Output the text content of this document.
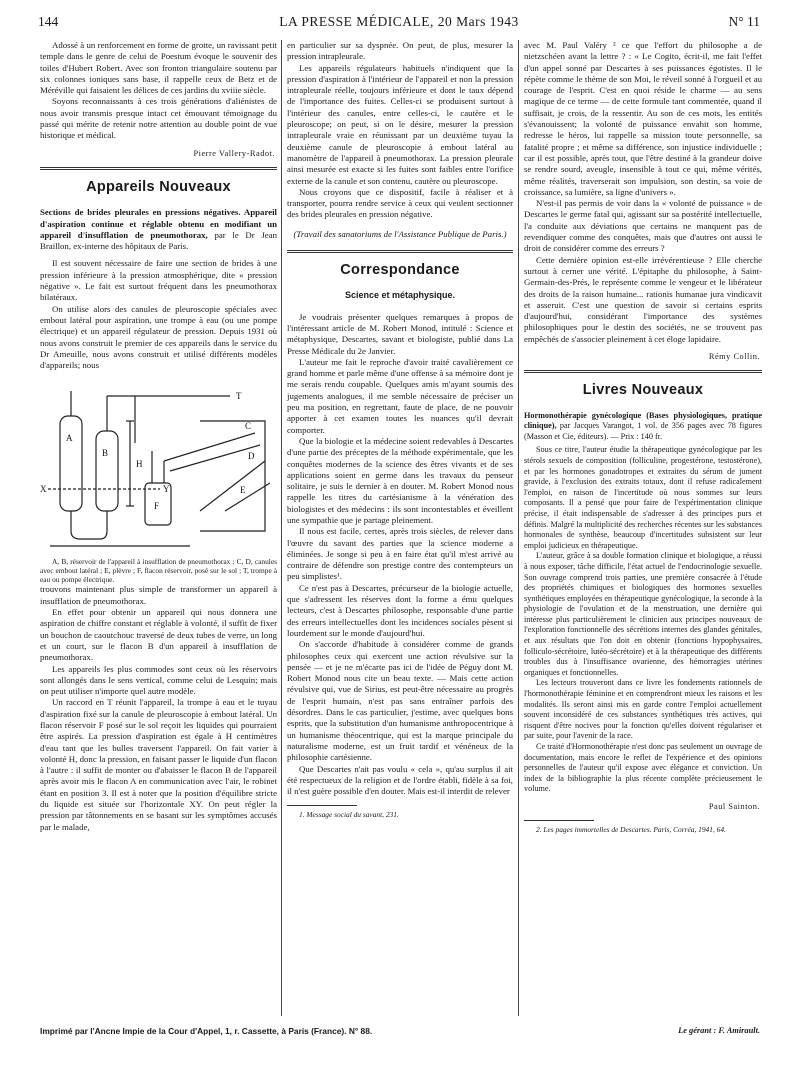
144	LA PRESSE MÉDICALE, 20 Mars 1943	N° 11

Adossé à un renforcement en forme de grotte, un ravissant petit temple dans le genre de celui de Poestum évoque le souvenir des toiles d'Hubert Robert. Avec son fronton triangulaire soutenu par six colonnes ioniques sans base, il rappelle ceux de Betz et de Méréville qui faisaient les délices de ces jardins du xviiie siècle.

Soyons reconnaissants à ces trois générations d'aliénistes de nous avoir transmis presque intact cet émouvant témoignage du passé qui mérite de retenir notre attention au double point de vue historique et médical.

Pierre Vallery-Radot.
Appareils Nouveaux

Sections de brides pleurales en pressions négatives. Appareil d'aspiration continue et réglable obtenu en modifiant un appareil d'insufflation de pneumothorax, par le Dr Jean Braillon, ex-interne des hôpitaux de Paris.

Il est souvent nécessaire de faire une section de brides à une pression inférieure à la pression atmosphérique, dite « pression négative ». Le fait est surtout fréquent dans les pneumothorax bilatéraux.

On utilise alors des canules de pleuroscopie spéciales avec embout latéral pour aspiration, une trompe à eau (ou une pompe électrique) et un appareil régulateur de pression. Depuis 1931 où nous avons construit le premier de ces appareils dans le service du Dr Ameuille, nous avons construit et utilisé différents modèles d'appareils; nous

A
B
C
D
E
F
H
T
X	Y

A, B, réservoir de l'appareil à insufflation de pneumothorax ; C, D, canules avec embout latéral ; E, plèvre ; F, flacon réservoir, posé sur le sol ; T, trompe à eau ou pompe électrique.

trouvons maintenant plus simple de transformer un appareil à insufflation de pneumothorax.

En effet pour obtenir un appareil qui nous donnera une aspiration de chiffre constant et réglable à volonté, il suffit de fixer un bouchon de caoutchouc traversé de deux tubes de verre, un long et un court, sur le flacon B d'un appareil à insufflation de pneumothorax.

Les appareils les plus commodes sont ceux où les réservoirs sont allongés dans le sens vertical, comme celui de Lesquin; mais on peut utiliser n'importe quel autre modèle.

Un raccord en T réunit l'appareil, la trompe à eau et le tuyau d'aspiration fixé sur la canule de pleuroscopie à embout latéral. Un flacon réservoir F posé sur le sol reçoit les liquides qui pourraient être aspirés. La pression d'aspiration est égale à H centimètres d'eau tant que les bulles traversent l'appareil. On fait varier à volonté H, donc la pression, en faisant passer le liquide d'un flacon à l'autre : il suffit de monter ou d'abaisser le flacon B de l'appareil après avoir mis le flacon A en communication avec l'air, le robinet étant en position 3. Il est à noter que la position d'équilibre stricte du liquide est située sur l'horizontale XY. On peut régler la pression par tâtonnements en se basant sur les symptômes accusés par le malade,

en particulier sur sa dyspnée. On peut, de plus, mesurer la pression intrapleurale.

Les appareils régulateurs habituels n'indiquent que la pression d'aspiration à l'intérieur de l'appareil et non la pression intrapleurale réelle, toujours inférieure et dont le taux dépend de l'importance des fuites. Celles-ci se produisent surtout à l'intérieur des canules, entre celles-ci, le cautère et le pleuroscope; on peut, si on le désire, mesurer la pression intrapleurale vraie en réunissant par un deuxième tuyau la deuxième canule de pleuroscopie à embout latéral au manomètre de l'appareil à pneumothorax. La pression pleurale ainsi mesurée est exacte si les fuites sont faibles entre l'orifice externe de la canule et son contenu, cautère ou pleuroscope.

Nous croyons que ce dispositif, facile à réaliser et à transporter, pourra rendre service à ceux qui veulent sectionner des brides pleurales en pression négative.

(Travail des sanatoriums de l'Assistance Publique de Paris.)

Correspondance
Science et métaphysique.

Je voudrais présenter quelques remarques à propos de l'intéressant article de M. Robert Monod, intitulé : Science et métaphysique, Descartes, savant et biologiste, publié dans La Presse Médicale du 2e Janvier.

L'auteur me fait le reproche d'avoir traité cavalièrement ce grand homme et parle même d'une offense à sa mémoire dont je me serais rendu coupable. Quelques amis m'ayant soumis des jugements analogues, il me semble nécessaire de préciser un peu ma position, en regrettant, faute de place, de ne pouvoir apporter à cet examen toutes les nuances qu'il devrait comporter.

Que la biologie et la médecine soient redevables à Descartes d'une partie des préceptes de la méthode expérimentale, que les conquêtes modernes de la science des êtres vivants et de ses applications soient en germe dans les travaux du penseur solitaire, je suis le dernier à en douter. M. Robert Monod nous rappelle les titres du cartésianisme à la vénération des biologistes et des médecins : ils sont incontestables et éveillent une sympathie que je partage pleinement.

Il nous est facile, certes, après trois siècles, de relever dans l'œuvre du savant des parties que la science moderne a éliminées. Je songe si peu à en faire état qu'il m'est arrivé au contraire de défendre son prestige contre des contempteurs un peu simplistes¹.

Ce n'est pas à Descartes, précurseur de la biologie actuelle, que s'adressent les réserves dont la forme a ému quelques lecteurs, c'est à Descartes philosophe, responsable d'une partie des erreurs intellectuelles dont les incidences sociales pèsent si lourdement sur le monde d'aujourd'hui.

On s'accorde d'habitude à considérer comme de grands philosophes ceux qui exercent une action révulsive sur la pensée — et je ne m'écarte pas ici de l'idée de Péguy dont M. Robert Monod nous cite un beau texte. — Mais cette action révulsive qui, vue de Sirius, est peut-être nécessaire au progrès de l'esprit humain, n'est pas sans entraîner parfois des désordres. Dans le cas particulier, j'estime, avec quelques bons esprits, que la substitution d'un humanisme anthropocentrique à un humanisme théocentrique, qui est la marque principale du naturalisme moderne, est un fruit tardif et vénéneux de la philosophie cartésienne.

Que Descartes n'ait pas voulu « cela », qu'au surplus il ait été respectueux de la religion et de l'ordre établi, fidèle à sa foi, il n'est guère possible d'en douter. Mais est-il interdit de relever

1. Message social du savant, 231.

avec M. Paul Valéry ² ce que l'effort du philosophe a de nietzschéen avant la lettre ? : « Le Cogito, écrit-il, me fait l'effet d'un appel sonné par Descartes à ses puissances égotistes. Il le répète comme le thème de son Moi, le réveil sonné à l'orgueil et au courage de l'esprit. C'est en quoi réside le charme — au sens magique de ce terme — de cette formule tant commentée, quand il suffisait, je crois, de la ressentir. Au son de ces mots, les entités s'évanouissent; la volonté de puissance envahit son homme, redresse le héros, lui rappelle sa mission toute personnelle, sa fatalité propre ; et même sa différence, son injustice individuelle ; car il est possible, après tout, que l'être destiné à la grandeur doive se rendre sourd, aveugle, insensible à tout ce qui, même vérités, même réalités, traverserait son impulsion, son destin, sa voie de croissance, sa lumière, sa ligne d'univers ».

N'est-il pas permis de voir dans la « volonté de puissance » de Descartes le germe fatal qui, agissant sur sa postérité intellectuelle, l'a conduite aux déviations que certains ne manquent pas de revendiquer comme des conquêtes, mais que d'autres ont aussi le droit de considérer comme des erreurs ?

Cette dernière opinion est-elle irrévérentieuse ? Elle cherche surtout à cerner une vérité. L'épitaphe du philosophe, à Saint-Germain-des-Prés, le représente comme le vengeur et le libérateur des droits de la raison humaine... rationis humanae jura vindicavit et asseruit. C'est une question de savoir si certains esprits d'aujourd'hui, considérant l'importance des systèmes philosophiques pour le destin des sociétés, ne se trouvent pas empêchés de s'associer pleinement à cet éloge lapidaire.

Rémy Collin.
Livres Nouveaux

Hormonothérapie gynécologique (Bases physiologiques, pratique clinique), par Jacques Varangot, 1 vol. de 356 pages avec 78 figures (Masson et Cie, éditeurs). — Prix : 140 fr.

Sous ce titre, l'auteur étudie la thérapeutique gynécologique par les stérols sexuels de composition (folliculine, progestérone, testostérone), et par les hormones gonadotropes et extraites du sérum de jument gravide, à l'exclusion des extraits totaux, dont il refuse radicalement l'emploi, en raison de l'incertitude où nous sommes sur leurs composants. Il a pensé que pour faire de l'expérimentation clinique précise, il était indispensable de s'adresser à des principes purs et définis. Malgré la multiplicité des recherches récentes sur les substances hormonales de synthèse, beaucoup d'incertitudes subsistent sur leur emploi judicieux en thérapeutique.

L'auteur, grâce à sa double formation clinique et biologique, a réussi à nous exposer, tâche difficile, l'état actuel de l'endocrinologie sexuelle. Son ouvrage comprend trois parties, une première consacrée à l'étude des propriétés chimiques et biologiques des hormones sexuelles synthétiques employées en thérapeutique gynécologique, la seconde à la physiologie de l'ovulation et de la menstruation, une dernière qui intéresse plus particulièrement le clinicien aux principes nouveaux de l'exploration fonctionnelle des sécrétions internes des glandes génitales, et aux résultats que l'on doit en obtenir (fonctions hypophysaires, folliculo-sécrétoire, lutéo-sécrétoire) et à la thérapeutique des différents troubles dus à l'insuffisance ovarienne, des hémorragies utérines organiques et fonctionnelles.

Les lecteurs trouveront dans ce livre les fondements rationnels de l'hormonothérapie féminine et en comprendront mieux les raisons et les modalités. Ils seront ainsi mis en garde contre l'emploi actuellement souvent inconsidéré de ces substances synthétiques très actives, qui risquent d'être nocives pour la fonction qu'elles doivent régulariser et par suite, pour l'avenir de la race.

Ce traité d'Hormonothérapie n'est donc pas seulement un ouvrage de documentation, mais encore le reflet de l'expérience et des opinions personnelles de l'auteur qu'il expose avec élégance et conviction. Un index de la bibliographie la plus récente complète précieusement le volume.

Paul Sainton.

2. Les pages immortelles de Descartes. Paris, Corréa, 1941, 64.

Imprimé par l'Ancne Impie de la Cour d'Appel, 1, r. Cassette, à Paris (France). N° 88.	Le gérant : F. Amirault.
